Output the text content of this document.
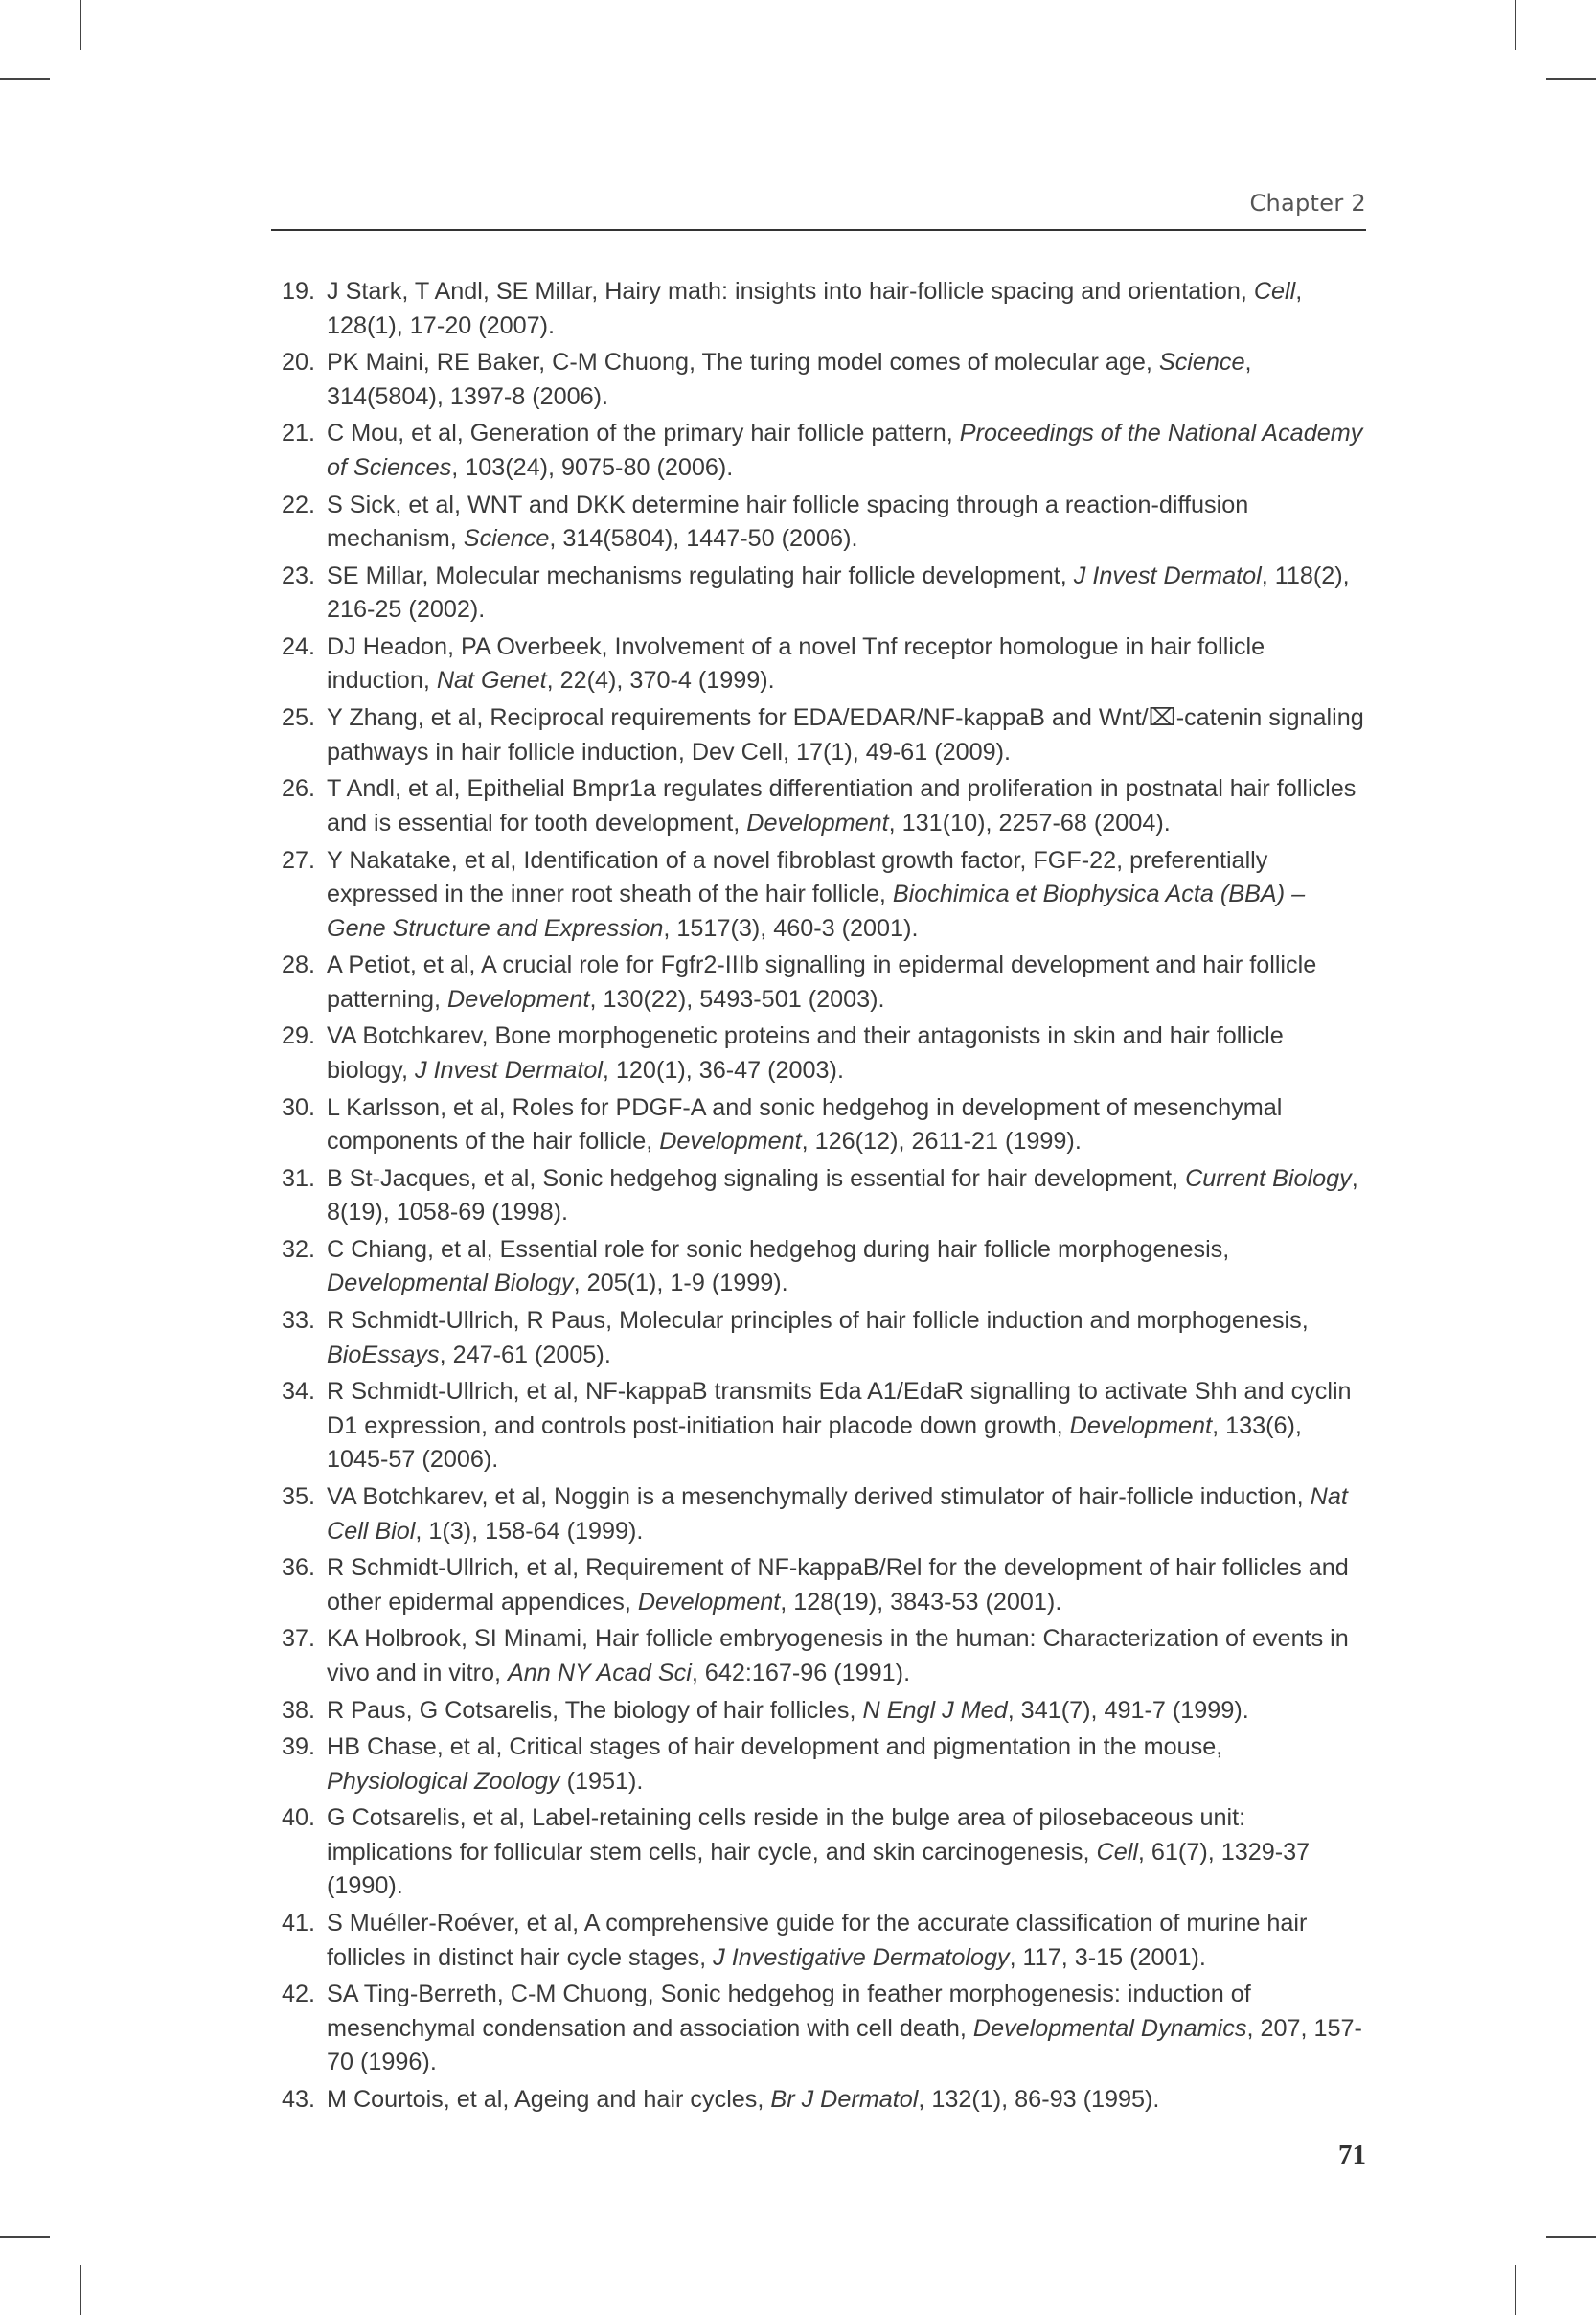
Chapter 2
19. J Stark, T Andl, SE Millar, Hairy math: insights into hair-follicle spacing and orientation, Cell, 128(1), 17-20 (2007).
20. PK Maini, RE Baker, C-M Chuong, The turing model comes of molecular age, Science, 314(5804), 1397-8 (2006).
21. C Mou, et al, Generation of the primary hair follicle pattern, Proceedings of the National Academy of Sciences, 103(24), 9075-80 (2006).
22. S Sick, et al, WNT and DKK determine hair follicle spacing through a reaction-diffusion mechanism, Science, 314(5804), 1447-50 (2006).
23. SE Millar, Molecular mechanisms regulating hair follicle development, J Invest Dermatol, 118(2), 216-25 (2002).
24. DJ Headon, PA Overbeek, Involvement of a novel Tnf receptor homologue in hair follicle induction, Nat Genet, 22(4), 370-4 (1999).
25. Y Zhang, et al, Reciprocal requirements for EDA/EDAR/NF-kappaB and Wnt/⌧-catenin signaling pathways in hair follicle induction, Dev Cell, 17(1), 49-61 (2009).
26. T Andl, et al, Epithelial Bmpr1a regulates differentiation and proliferation in postnatal hair follicles and is essential for tooth development, Development, 131(10), 2257-68 (2004).
27. Y Nakatake, et al, Identification of a novel fibroblast growth factor, FGF-22, preferentially expressed in the inner root sheath of the hair follicle, Biochimica et Biophysica Acta (BBA) – Gene Structure and Expression, 1517(3), 460-3 (2001).
28. A Petiot, et al, A crucial role for Fgfr2-IIIb signalling in epidermal development and hair follicle patterning, Development, 130(22), 5493-501 (2003).
29. VA Botchkarev, Bone morphogenetic proteins and their antagonists in skin and hair follicle biology, J Invest Dermatol, 120(1), 36-47 (2003).
30. L Karlsson, et al, Roles for PDGF-A and sonic hedgehog in development of mesenchymal components of the hair follicle, Development, 126(12), 2611-21 (1999).
31. B St-Jacques, et al, Sonic hedgehog signaling is essential for hair development, Current Biology, 8(19), 1058-69 (1998).
32. C Chiang, et al, Essential role for sonic hedgehog during hair follicle morphogenesis, Developmental Biology, 205(1), 1-9 (1999).
33. R Schmidt-Ullrich, R Paus, Molecular principles of hair follicle induction and morphogenesis, BioEssays, 247-61 (2005).
34. R Schmidt-Ullrich, et al, NF-kappaB transmits Eda A1/EdaR signalling to activate Shh and cyclin D1 expression, and controls post-initiation hair placode down growth, Development, 133(6), 1045-57 (2006).
35. VA Botchkarev, et al, Noggin is a mesenchymally derived stimulator of hair-follicle induction, Nat Cell Biol, 1(3), 158-64 (1999).
36. R Schmidt-Ullrich, et al, Requirement of NF-kappaB/Rel for the development of hair follicles and other epidermal appendices, Development, 128(19), 3843-53 (2001).
37. KA Holbrook, SI Minami, Hair follicle embryogenesis in the human: Characterization of events in vivo and in vitro, Ann NY Acad Sci, 642:167-96 (1991).
38. R Paus, G Cotsarelis, The biology of hair follicles, N Engl J Med, 341(7), 491-7 (1999).
39. HB Chase, et al, Critical stages of hair development and pigmentation in the mouse, Physiological Zoology (1951).
40. G Cotsarelis, et al, Label-retaining cells reside in the bulge area of pilosebaceous unit: implications for follicular stem cells, hair cycle, and skin carcinogenesis, Cell, 61(7), 1329-37 (1990).
41. S Muéller-Roéver, et al, A comprehensive guide for the accurate classification of murine hair follicles in distinct hair cycle stages, J Investigative Dermatology, 117, 3-15 (2001).
42. SA Ting-Berreth, C-M Chuong, Sonic hedgehog in feather morphogenesis: induction of mesenchymal condensation and association with cell death, Developmental Dynamics, 207, 157-70 (1996).
43. M Courtois, et al, Ageing and hair cycles, Br J Dermatol, 132(1), 86-93 (1995).
71
